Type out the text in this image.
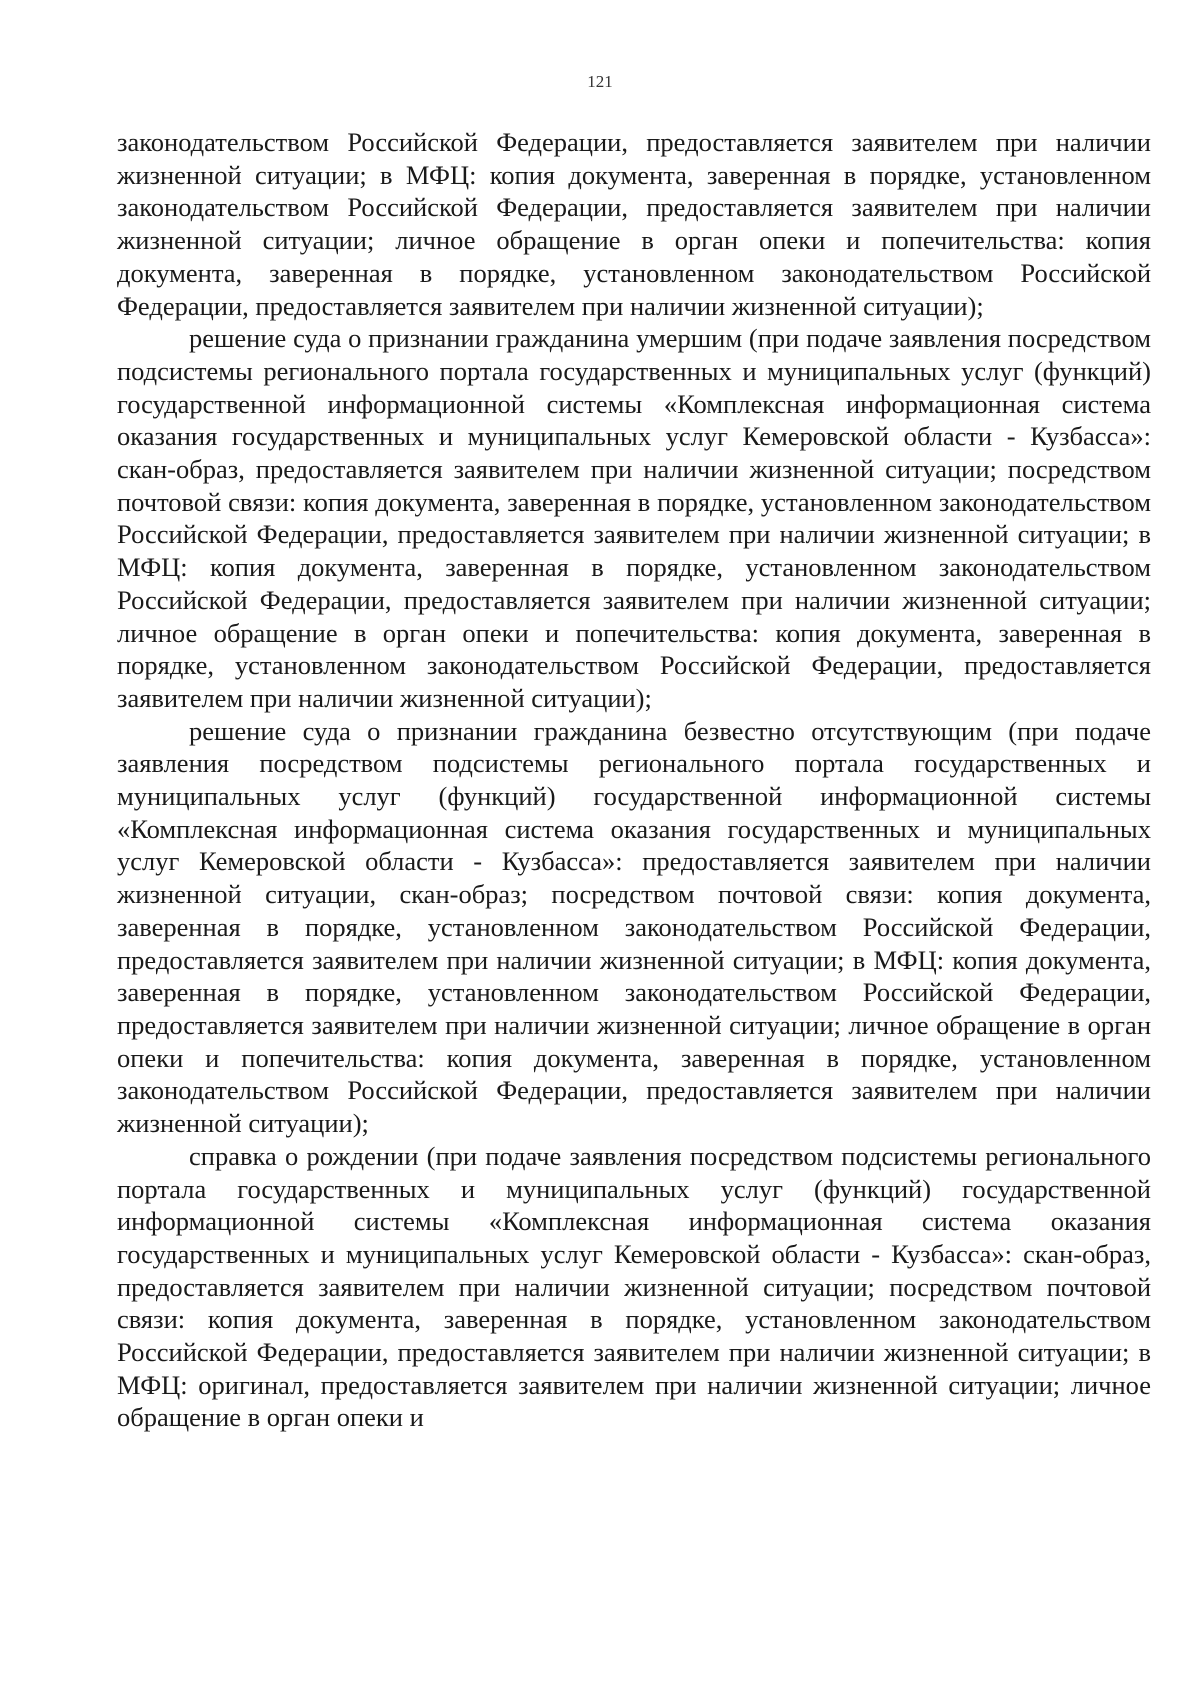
121

законодательством Российской Федерации, предоставляется заявителем при наличии жизненной ситуации; в МФЦ: копия документа, заверенная в порядке, установленном законодательством Российской Федерации, предоставляется заявителем при наличии жизненной ситуации; личное обращение в орган опеки и попечительства: копия документа, заверенная в порядке, установленном законодательством Российской Федерации, предоставляется заявителем при наличии жизненной ситуации);

решение суда о признании гражданина умершим (при подаче заявления посредством подсистемы регионального портала государственных и муниципальных услуг (функций) государственной информационной системы «Комплексная информационная система оказания государственных и муниципальных услуг Кемеровской области - Кузбасса»: скан-образ, предоставляется заявителем при наличии жизненной ситуации; посредством почтовой связи: копия документа, заверенная в порядке, установленном законодательством Российской Федерации, предоставляется заявителем при наличии жизненной ситуации; в МФЦ: копия документа, заверенная в порядке, установленном законодательством Российской Федерации, предоставляется заявителем при наличии жизненной ситуации; личное обращение в орган опеки и попечительства: копия документа, заверенная в порядке, установленном законодательством Российской Федерации, предоставляется заявителем при наличии жизненной ситуации);

решение суда о признании гражданина безвестно отсутствующим (при подаче заявления посредством подсистемы регионального портала государственных и муниципальных услуг (функций) государственной информационной системы «Комплексная информационная система оказания государственных и муниципальных услуг Кемеровской области - Кузбасса»: предоставляется заявителем при наличии жизненной ситуации, скан-образ; посредством почтовой связи: копия документа, заверенная в порядке, установленном законодательством Российской Федерации, предоставляется заявителем при наличии жизненной ситуации; в МФЦ: копия документа, заверенная в порядке, установленном законодательством Российской Федерации, предоставляется заявителем при наличии жизненной ситуации; личное обращение в орган опеки и попечительства: копия документа, заверенная в порядке, установленном законодательством Российской Федерации, предоставляется заявителем при наличии жизненной ситуации);

справка о рождении (при подаче заявления посредством подсистемы регионального портала государственных и муниципальных услуг (функций) государственной информационной системы «Комплексная информационная система оказания государственных и муниципальных услуг Кемеровской области - Кузбасса»: скан-образ, предоставляется заявителем при наличии жизненной ситуации; посредством почтовой связи: копия документа, заверенная в порядке, установленном законодательством Российской Федерации, предоставляется заявителем при наличии жизненной ситуации; в МФЦ: оригинал, предоставляется заявителем при наличии жизненной ситуации; личное обращение в орган опеки и
